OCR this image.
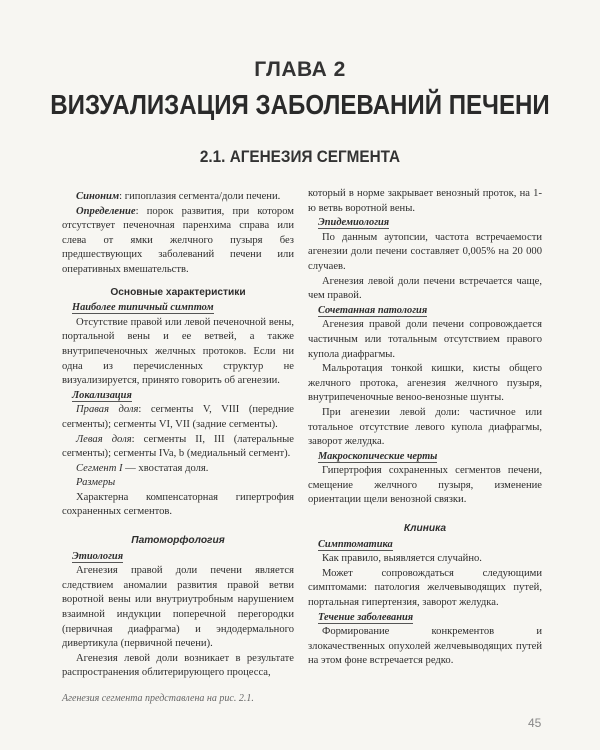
ГЛАВА 2
ВИЗУАЛИЗАЦИЯ ЗАБОЛЕВАНИЙ ПЕЧЕНИ
2.1. АГЕНЕЗИЯ СЕГМЕНТА

Синоним: гипоплазия сегмента/доли печени.

Определение: порок развития, при котором отсутствует печеночная паренхима справа или слева от ямки желчного пузыря без предшествующих заболеваний печени или оперативных вмешательств.

Основные характеристики
Наиболее типичный симптом

Отсутствие правой или левой печеночной вены, портальной вены и ее ветвей, а также внутрипеченочных желчных протоков. Если ни одна из перечисленных структур не визуализируется, принято говорить об агенезии.

Локализация

Правая доля: сегменты V, VIII (передние сегменты); сегменты VI, VII (задние сегменты).

Левая доля: сегменты II, III (латеральные сегменты); сегменты IVa, b (медиальный сегмент).

Сегмент I — хвостатая доля.

Размеры

Характерна компенсаторная гипертрофия сохраненных сегментов.

Патоморфология
Этиология

Агенезия правой доли печени является следствием аномалии развития правой ветви воротной вены или внутриутробным нарушением взаимной индукции поперечной перегородки (первичная диафрагма) и эндодермального дивертикула (первичной печени).

Агенезия левой доли возникает в результате распространения облитерирующего процесса,

который в норме закрывает венозный проток, на 1-ю ветвь воротной вены.

Эпидемиология

По данным аутопсии, частота встречаемости агенезии доли печени составляет 0,005% на 20 000 случаев.

Агенезия левой доли печени встречается чаще, чем правой.

Сочетанная патология

Агенезия правой доли печени сопровождается частичным или тотальным отсутствием правого купола диафрагмы.

Мальротация тонкой кишки, кисты общего желчного протока, агенезия желчного пузыря, внутрипеченочные веноо-венозные шунты.

При агенезии левой доли: частичное или тотальное отсутствие левого купола диафрагмы, заворот желудка.

Макроскопические черты

Гипертрофия сохраненных сегментов печени, смещение желчного пузыря, изменение ориентации щели венозной связки.

Клиника
Симптоматика

Как правило, выявляется случайно.

Может сопровождаться следующими симптомами: патология желчевыводящих путей, портальная гипертензия, заворот желудка.

Течение заболевания

Формирование конкрементов и злокачественных опухолей желчевыводящих путей на этом фоне встречается редко.

Агенезия сегмента представлена на рис. 2.1.
45
